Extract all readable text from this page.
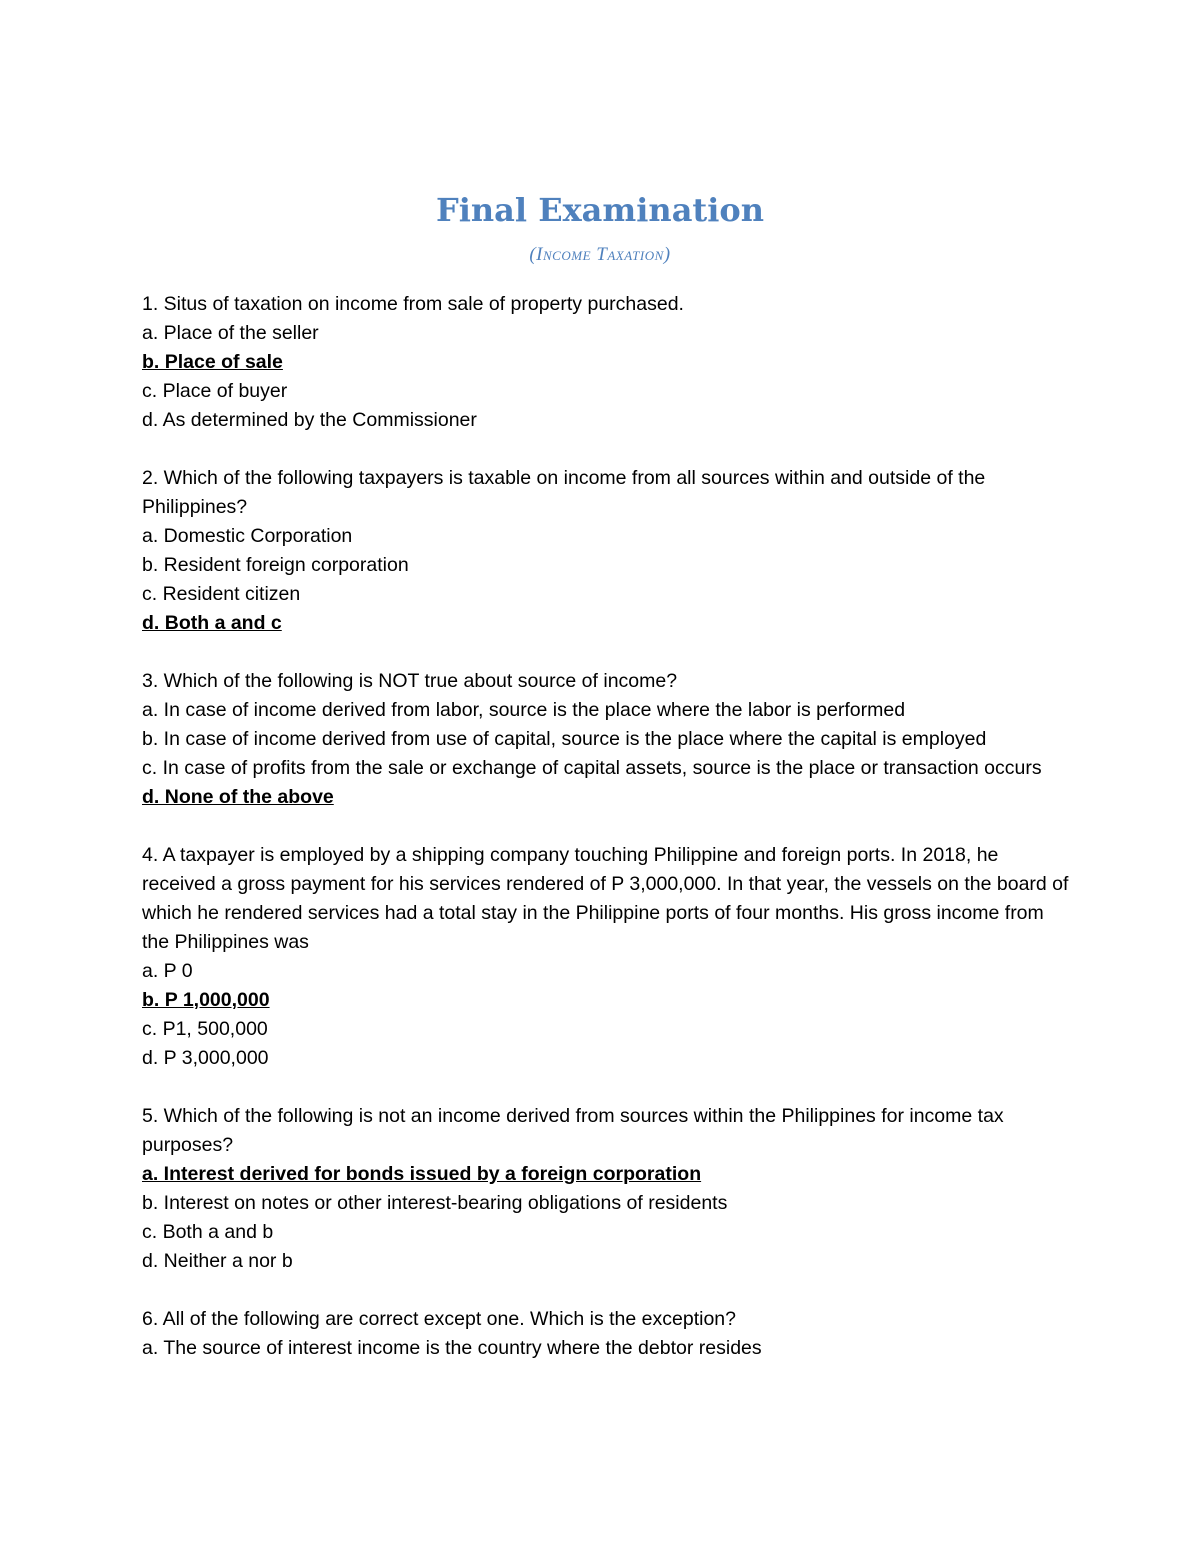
Final Examination
(Income Taxation)
1. Situs of taxation on income from sale of property purchased.
a. Place of the seller
b. Place of sale
c. Place of buyer
d. As determined by the Commissioner
2. Which of the following taxpayers is taxable on income from all sources within and outside of the Philippines?
a. Domestic Corporation
b. Resident foreign corporation
c. Resident citizen
d. Both a and c
3. Which of the following is NOT true about source of income?
a. In case of income derived from labor, source is the place where the labor is performed
b. In case of income derived from use of capital, source is the place where the capital is employed
c. In case of profits from the sale or exchange of capital assets, source is the place or transaction occurs
d. None of the above
4. A taxpayer is employed by a shipping company touching Philippine and foreign ports. In 2018, he received a gross payment for his services rendered of P 3,000,000. In that year, the vessels on the board of which he rendered services had a total stay in the Philippine ports of four months. His gross income from the Philippines was
a. P 0
b. P 1,000,000
c. P1, 500,000
d. P 3,000,000
5. Which of the following is not an income derived from sources within the Philippines for income tax purposes?
a. Interest derived for bonds issued by a foreign corporation
b. Interest on notes or other interest-bearing obligations of residents
c. Both a and b
d. Neither a nor b
6. All of the following are correct except one. Which is the exception?
a. The source of interest income is the country where the debtor resides
